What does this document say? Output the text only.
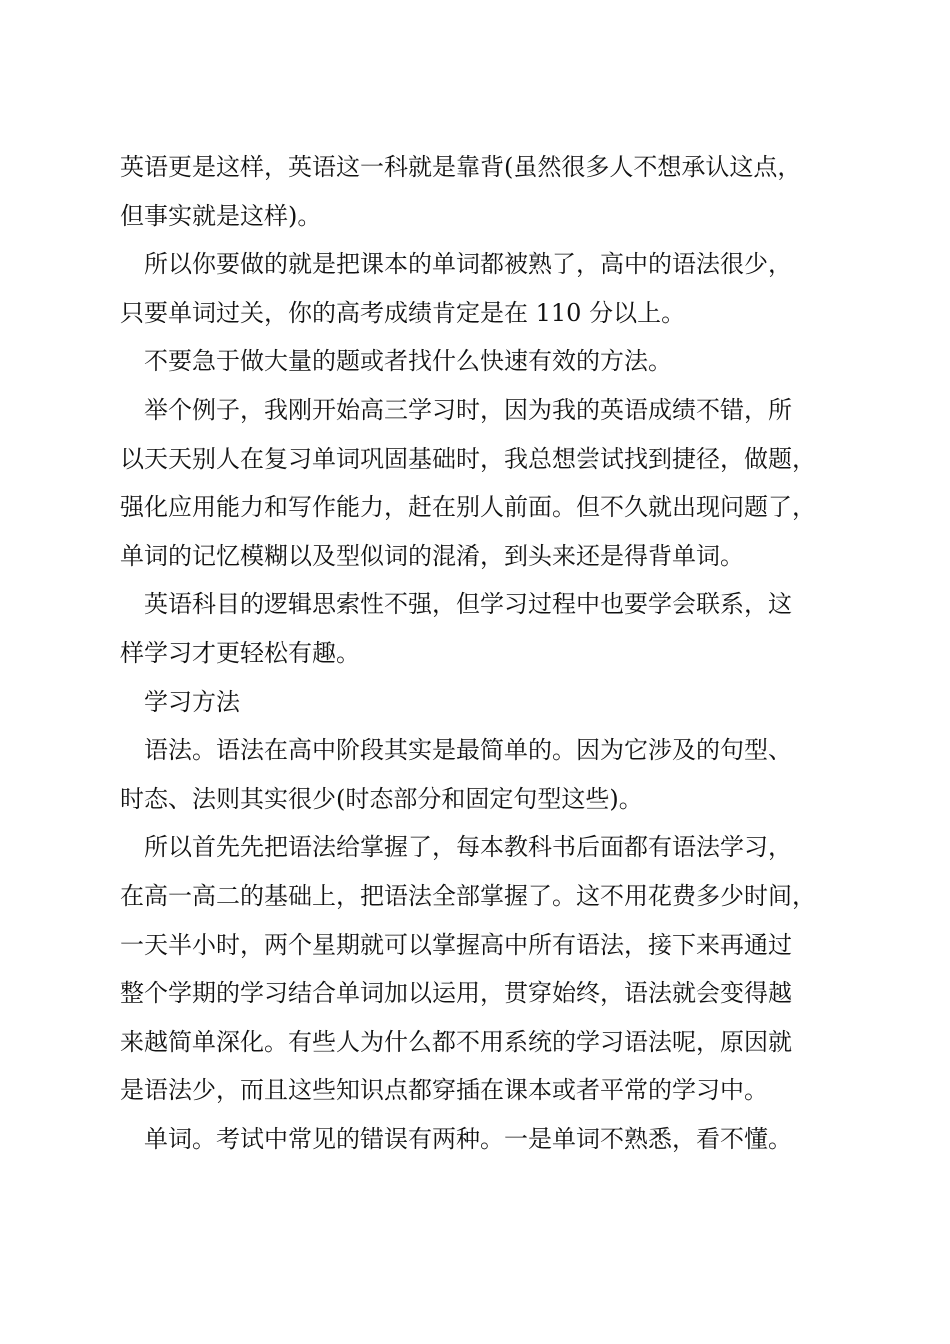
英语更是这样，英语这一科就是靠背(虽然很多人不想承认这点，
但事实就是这样)。
所以你要做的就是把课本的单词都被熟了，高中的语法很少，
只要单词过关，你的高考成绩肯定是在 110 分以上。
不要急于做大量的题或者找什么快速有效的方法。
举个例子，我刚开始高三学习时，因为我的英语成绩不错，所
以天天别人在复习单词巩固基础时，我总想尝试找到捷径，做题，
强化应用能力和写作能力，赶在别人前面。但不久就出现问题了，
单词的记忆模糊以及型似词的混淆，到头来还是得背单词。
英语科目的逻辑思索性不强，但学习过程中也要学会联系，这
样学习才更轻松有趣。
学习方法
语法。语法在高中阶段其实是最简单的。因为它涉及的句型、
时态、法则其实很少(时态部分和固定句型这些)。
所以首先先把语法给掌握了，每本教科书后面都有语法学习，
在高一高二的基础上，把语法全部掌握了。这不用花费多少时间，
一天半小时，两个星期就可以掌握高中所有语法，接下来再通过
整个学期的学习结合单词加以运用，贯穿始终，语法就会变得越
来越简单深化。有些人为什么都不用系统的学习语法呢，原因就
是语法少，而且这些知识点都穿插在课本或者平常的学习中。
单词。考试中常见的错误有两种。一是单词不熟悉，看不懂。
